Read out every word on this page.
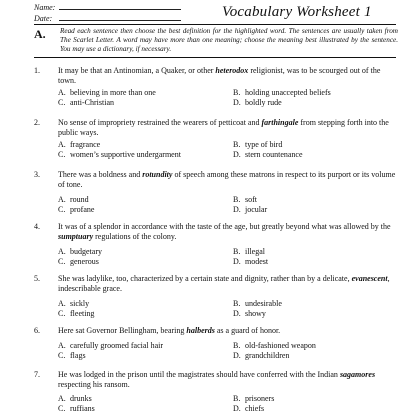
Name:
Date:	Vocabulary Worksheet 1
A. Read each sentence then choose the best definition for the highlighted word. The sentences are usually taken from The Scarlet Letter. A word may have more than one meaning; choose the meaning best illustrated by the sentence. You may use a dictionary, if necessary.
1.	It may be that an Antinomian, a Quaker, or other heterodox religionist, was to be scourged out of the town.
A. believing in more than one	B. holding unaccepted beliefs
C. anti-Christian	D. boldly rude
2.	No sense of impropriety restrained the wearers of petticoat and farthingale from stepping forth into the public ways.
A. fragrance	B. type of bird
C. women’s supportive undergarment	D. stern countenance
3.	There was a boldness and rotundity of speech among these matrons in respect to its purport or its volume of tone.
A. round	B. soft
C. profane	D. jocular
4.	It was of a splendor in accordance with the taste of the age, but greatly beyond what was allowed by the sumptuary regulations of the colony.
A. budgetary	B. illegal
C. generous	D. modest
5.	She was ladylike, too, characterized by a certain state and dignity, rather than by a delicate, evanescent, indescribable grace.
A. sickly	B. undesirable
C. fleeting	D. showy
6.	Here sat Governor Bellingham, bearing halberds as a guard of honor.
A. carefully groomed facial hair	B. old-fashioned weapon
C. flags	D. grandchildren
7.	He was lodged in the prison until the magistrates should have conferred with the Indian sagamores respecting his ransom.
A. drunks	B. prisoners
C. ruffians	D. chiefs
